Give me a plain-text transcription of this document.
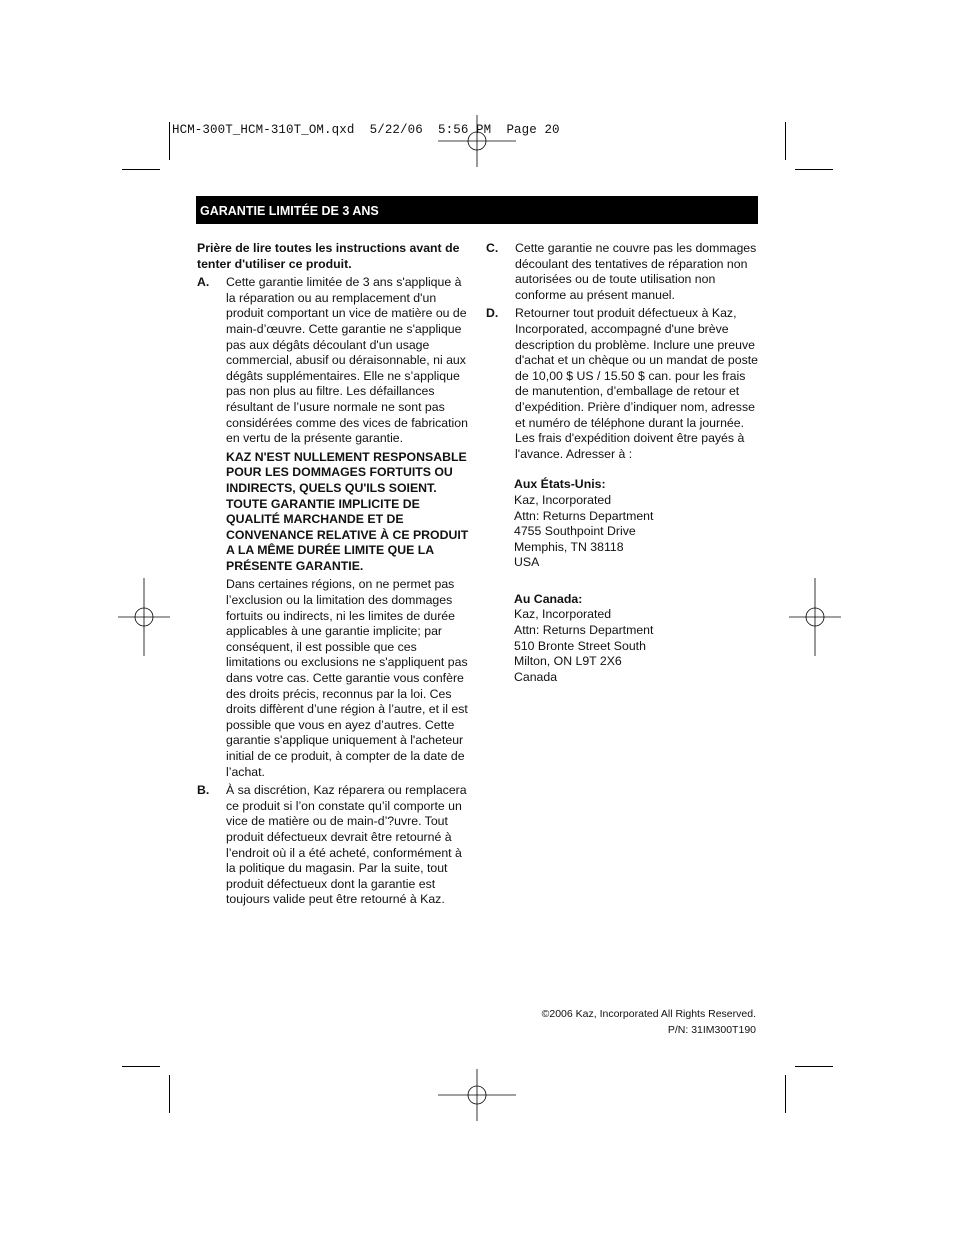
HCM-300T_HCM-310T_OM.qxd  5/22/06  5:56 PM  Page 20
GARANTIE LIMITÉE DE 3 ANS

Prière de lire toutes les instructions avant de tenter d'utiliser ce produit.

A.	Cette garantie limitée de 3 ans s'applique à la réparation ou au remplacement d'un produit comportant un vice de matière ou de main-d’œuvre. Cette garantie ne s'applique pas aux dégâts découlant d'un usage commercial, abusif ou déraisonnable, ni aux dégâts supplémentaires. Elle ne s’applique pas non plus au filtre. Les défaillances résultant de l’usure normale ne sont pas considérées comme des vices de fabrication en vertu de la présente garantie.

KAZ N'EST NULLEMENT RESPONSABLE POUR LES DOMMAGES FORTUITS OU INDIRECTS, QUELS QU'ILS SOIENT. TOUTE GARANTIE IMPLICITE DE QUALITÉ MARCHANDE ET DE CONVENANCE RELATIVE À CE PRODUIT A LA MÊME DURÉE LIMITE QUE LA PRÉSENTE GARANTIE.

Dans certaines régions, on ne permet pas l’exclusion ou la limitation des dommages fortuits ou indirects, ni les limites de durée applicables à une garantie implicite; par conséquent, il est possible que ces limitations ou exclusions ne s'appliquent pas dans votre cas. Cette garantie vous confère des droits précis, reconnus par la loi. Ces droits diffèrent d’une région à l’autre, et il est possible que vous en ayez d’autres. Cette garantie s'applique uniquement à l'acheteur initial de ce produit, à compter de la date de l’achat.

B.	À sa discrétion, Kaz réparera ou remplacera ce produit si l’on constate qu’il comporte un vice de matière ou de main-d’?uvre. Tout produit défectueux devrait être retourné à l’endroit où il a été acheté, conformément à la politique du magasin. Par la suite, tout produit défectueux dont la garantie est toujours valide peut être retourné à Kaz.
C.	Cette garantie ne couvre pas les dommages découlant des tentatives de réparation non autorisées ou de toute utilisation non conforme au présent manuel.
D.	Retourner tout produit défectueux à Kaz, Incorporated, accompagné d'une brève description du problème. Inclure une preuve d'achat et un chèque ou un mandat de poste de 10,00 $ US / 15.50 $ can. pour les frais de manutention, d’emballage de retour et d’expédition. Prière d’indiquer nom, adresse et numéro de téléphone durant la journée. Les frais d'expédition doivent être payés à l'avance. Adresser à :
Aux États-Unis:
Kaz, Incorporated
Attn: Returns Department
4755 Southpoint Drive
Memphis, TN 38118
USA
Au Canada:
Kaz, Incorporated
Attn: Returns Department
510 Bronte Street South
Milton, ON L9T 2X6
Canada
©2006 Kaz, Incorporated All Rights Reserved.
P/N: 31IM300T190
